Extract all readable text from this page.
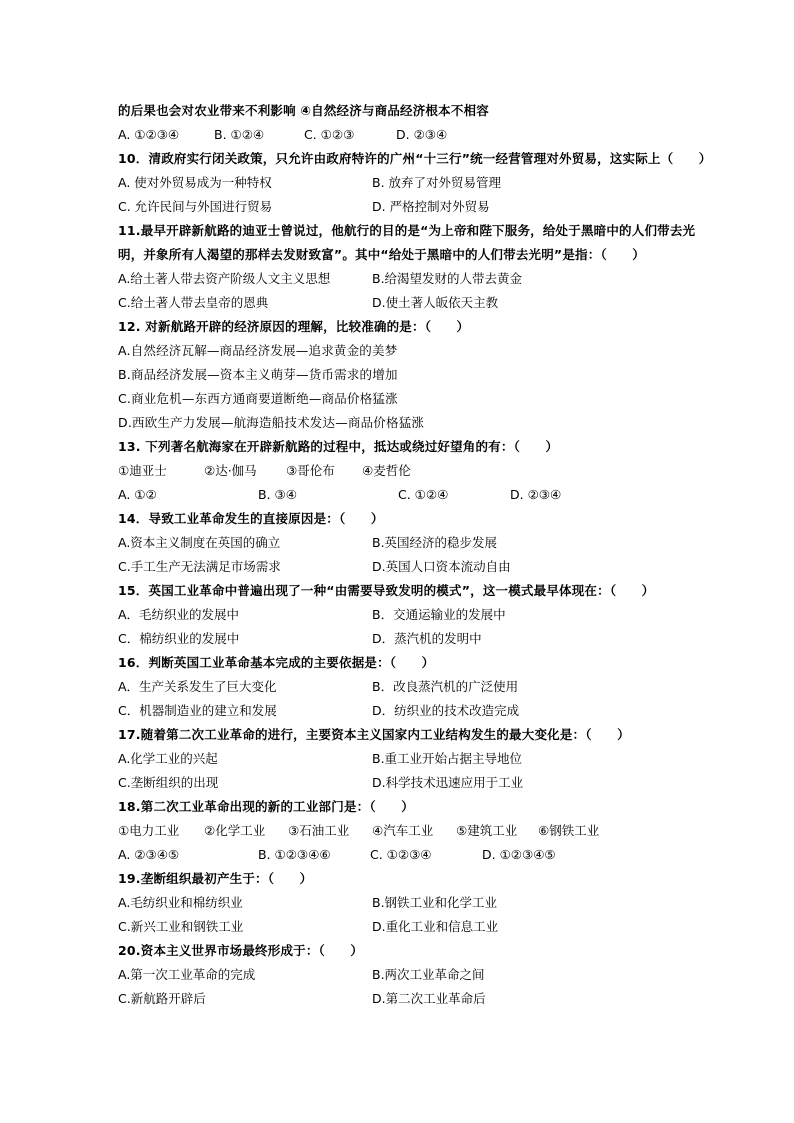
的后果也会对农业带来不利影响 ④自然经济与商品经济根本不相容
A. ①②③④	B. ①②④	C. ①②③	D. ②③④
10．清政府实行闭关政策，只允许由政府特许的广州“十三行”统一经营管理对外贸易，这实际上（　　）
A. 使对外贸易成为一种特权	B. 放弃了对外贸易管理
C. 允许民间与外国进行贸易	D. 严格控制对外贸易
11.最早开辟新航路的迪亚士曾说过，他航行的目的是“为上帝和陛下服务，给处于黑暗中的人们带去光
明，并象所有人渴望的那样去发财致富”。其中“给处于黑暗中的人们带去光明”是指：（　　）
A.给土著人带去资产阶级人文主义思想	B.给渴望发财的人带去黄金
C.给土著人带去皇帝的恩典	D.使土著人皈依天主教
12. 对新航路开辟的经济原因的理解，比较准确的是：（　　）
A.自然经济瓦解—商品经济发展—追求黄金的美梦
B.商品经济发展—资本主义萌芽—货币需求的增加
C.商业危机—东西方通商要道断绝—商品价格猛涨
D.西欧生产力发展—航海造船技术发达—商品价格猛涨
13. 下列著名航海家在开辟新航路的过程中，抵达或绕过好望角的有：（　　）
①迪亚士	②达·伽马 ③哥伦布 ④麦哲伦
A. ①②	B. ③④	C. ①②④	D. ②③④
14．导致工业革命发生的直接原因是：（　　）
A.资本主义制度在英国的确立	B.英国经济的稳步发展
C.手工生产无法满足市场需求	D.英国人口资本流动自由
15．英国工业革命中普遍出现了一种“由需要导致发明的模式”，这一模式最早体现在：（　　）
A．毛纺织业的发展中	B．交通运输业的发展中
C．棉纺织业的发展中	D．蒸汽机的发明中
16．判断英国工业革命基本完成的主要依据是：（　　）
A．生产关系发生了巨大变化	B．改良蒸汽机的广泛使用
C．机器制造业的建立和发展	D．纺织业的技术改造完成
17.随着第二次工业革命的进行，主要资本主义国家内工业结构发生的最大变化是：（　　）
A.化学工业的兴起	B.重工业开始占据主导地位
C.垄断组织的出现	D.科学技术迅速应用于工业
18.第二次工业革命出现的新的工业部门是：（　　）
①电力工业 ②化学工业 ③石油工业 ④汽车工业 ⑤建筑工业 ⑥钢铁工业
A. ②③④⑤	B. ①②③④⑥	C. ①②③④	D. ①②③④⑤
19.垄断组织最初产生于：（　　）
A.毛纺织业和棉纺织业	B.钢铁工业和化学工业
C.新兴工业和钢铁工业	D.重化工业和信息工业
20.资本主义世界市场最终形成于：（　　）
A.第一次工业革命的完成	B.两次工业革命之间
C.新航路开辟后	D.第二次工业革命后
